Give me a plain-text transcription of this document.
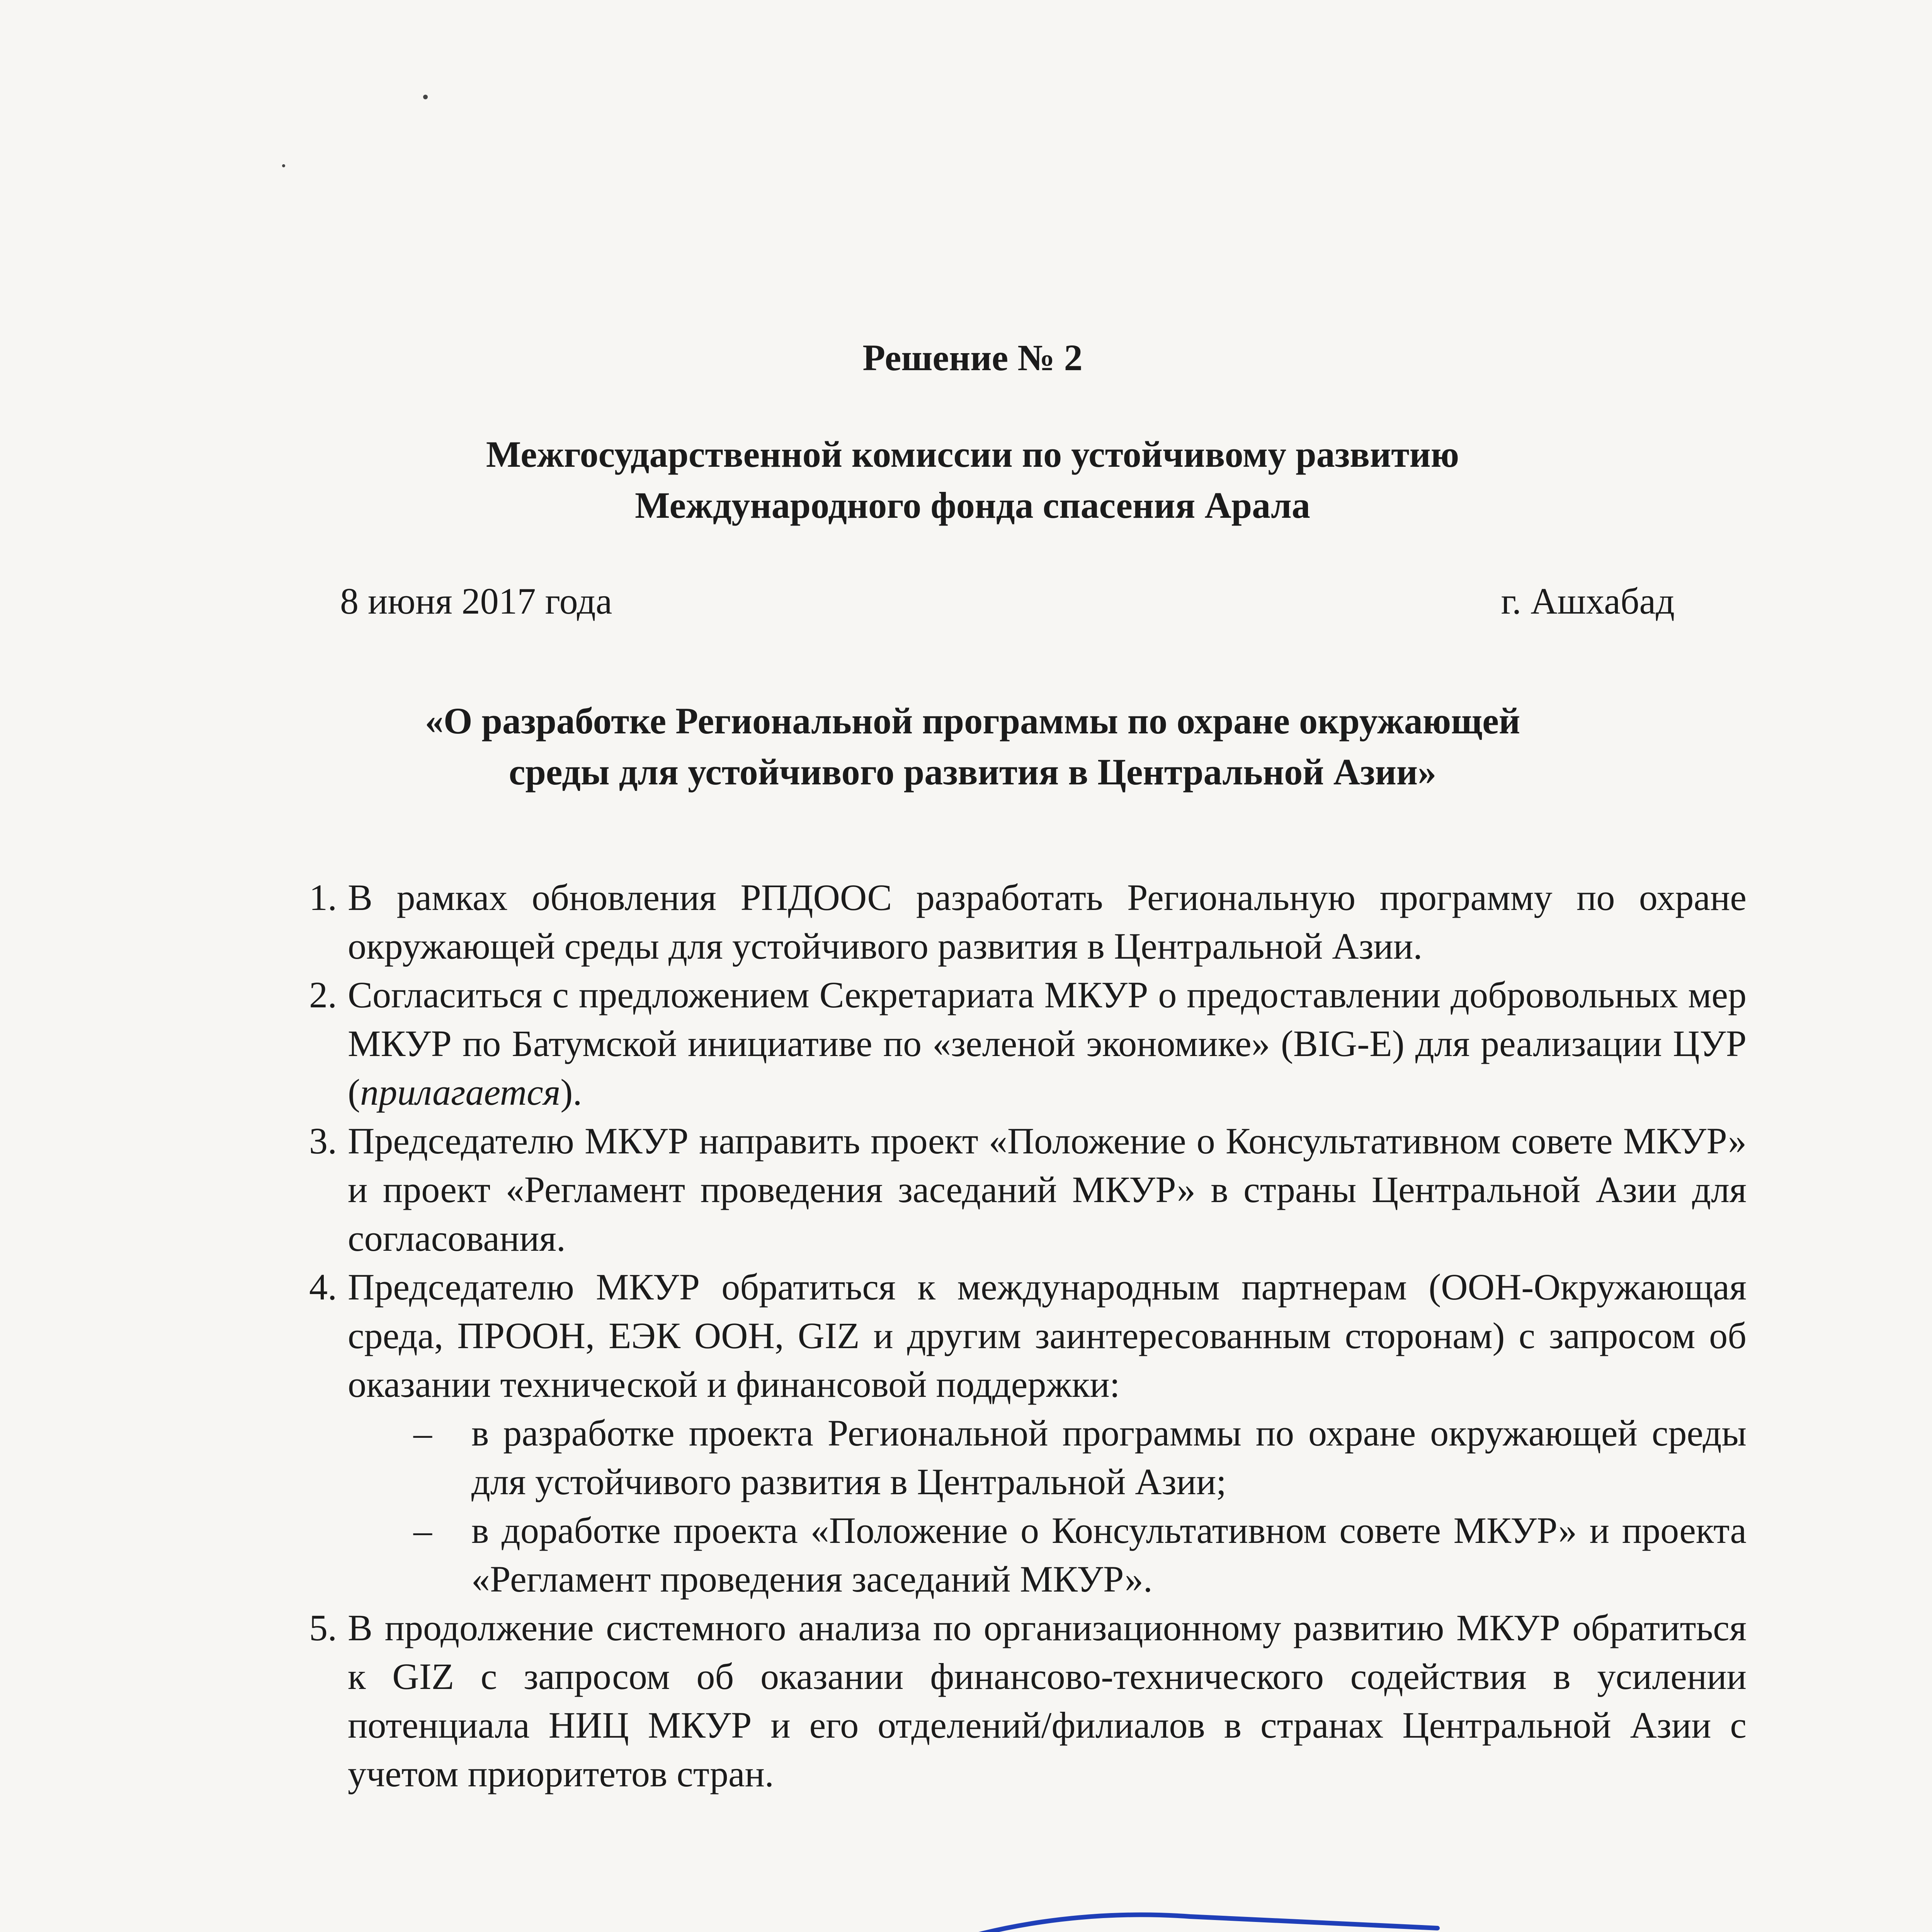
Решение № 2
Межгосударственной комиссии по устойчивому развитию
Международного фонда спасения Арала
8 июня 2017 года	г. Ашхабад
«О разработке Региональной программы по охране окружающей
среды для устойчивого развития в Центральной Азии»
1. В рамках обновления РПДООС разработать Региональную программу по охране окружающей среды для устойчивого развития в Центральной Азии.
2. Согласиться с предложением Секретариата МКУР о предоставлении добровольных мер МКУР по Батумской инициативе по «зеленой экономике» (BIG-E) для реализации ЦУР (прилагается).
3. Председателю МКУР направить проект «Положение о Консультативном совете МКУР» и проект «Регламент проведения заседаний МКУР» в страны Центральной Азии для согласования.
4. Председателю МКУР обратиться к международным партнерам (ООН-Окружающая среда, ПРООН, ЕЭК ООН, GIZ и другим заинтересованным сторонам) с запросом об оказании технической и финансовой поддержки:
–	в разработке проекта Региональной программы по охране окружающей среды для устойчивого развития в Центральной Азии;
–	в доработке проекта «Положение о Консультативном совете МКУР» и проекта «Регламент проведения заседаний МКУР».
5. В продолжение системного анализа по организационному развитию МКУР обратиться к GIZ с запросом об оказании финансово-технического содействия в усилении потенциала НИЦ МКУР и его отделений/филиалов в странах Центральной Азии с учетом приоритетов стран.
